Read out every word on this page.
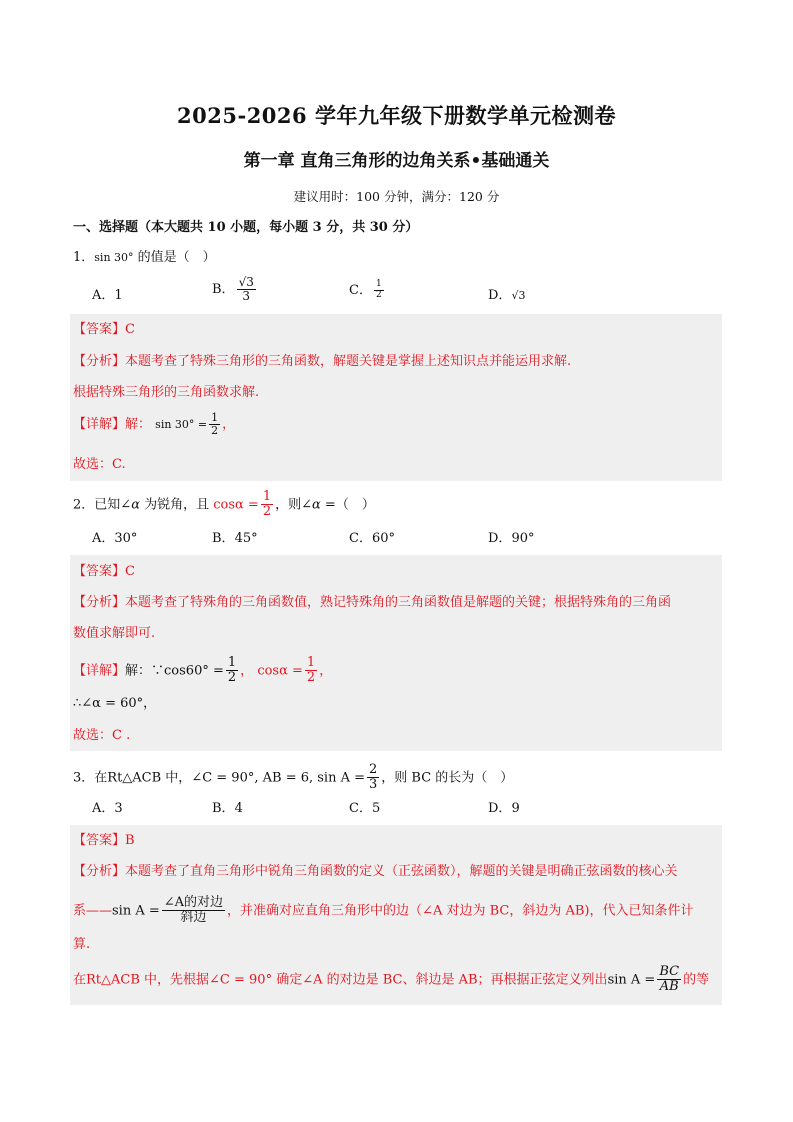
2025-2026 学年九年级下册数学单元检测卷
第一章 直角三角形的边角关系•基础通关
建议用时：100 分钟，满分：120 分
一、选择题（本大题共 10 小题，每小题 3 分，共 30 分）
1．sin 30° 的值是（　）
A．1	B． $\frac{√3}{3}$	C． $\frac{1}{2}$	D．√3
【答案】C
【分析】本题考查了特殊三角形的三角函数，解题关键是掌握上述知识点并能运用求解.
根据特殊三角形的三角函数求解.
【详解】解： $\sin 30^\circ = \frac{1}{2}$ ，
故选：C.
2．已知∠α 为锐角，且 $\cos\alpha = \frac{1}{2}$ ，则∠α =（　）
A．30°	B．45°	C．60°	D．90°
【答案】C
【分析】本题考查了特殊角的三角函数值，熟记特殊角的三角函数值是解题的关键；根据特殊角的三角函
数值求解即可.
【详解】解：∵cos60° = $\frac{1}{2}$ ， $\cos\alpha = \frac{1}{2}$ ，
∴∠α = 60°，
故选：C .
3．在Rt△ACB 中，∠C = 90°, AB = 6, $\sin A = \frac{2}{3}$ ，则 BC 的长为（　）
A．3	B．4	C．5	D．9
【答案】B
【分析】本题考查了直角三角形中锐角三角函数的定义（正弦函数），解题的关键是明确正弦函数的核心关
系——sin $A = \frac{\text{∠A的对边}}{\text{斜边}}$ ，并准确对应直角三角形中的边（∠A 对边为 BC，斜边为 AB)，代入已知条件计
算.
在Rt△ACB 中，先根据∠C = 90° 确定∠A 的对边是 BC、斜边是 AB；再根据正弦定义列出$\sin A = \frac{BC}{AB}$ 的等
